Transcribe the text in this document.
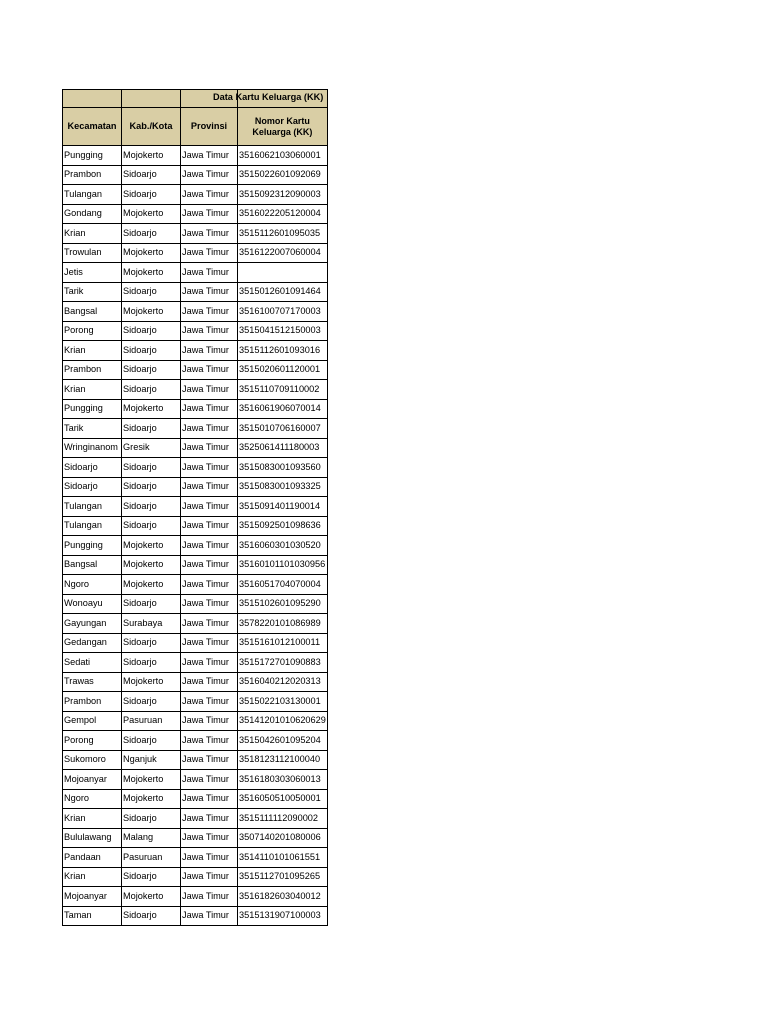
		Data Kartu Keluarga (KK)	

Kecamatan	Kab./Kota	Provinsi	Nomor Kartu Keluarga (KK)
Pungging	Mojokerto	Jawa Timur	3516062103060001
Prambon	Sidoarjo	Jawa Timur	3515022601092069
Tulangan	Sidoarjo	Jawa Timur	3515092312090003
Gondang	Mojokerto	Jawa Timur	3516022205120004
Krian	Sidoarjo	Jawa Timur	3515112601095035
Trowulan	Mojokerto	Jawa Timur	3516122007060004
Jetis	Mojokerto	Jawa Timur	
Tarik	Sidoarjo	Jawa Timur	3515012601091464
Bangsal	Mojokerto	Jawa Timur	3516100707170003
Porong	Sidoarjo	Jawa Timur	3515041512150003
Krian	Sidoarjo	Jawa Timur	3515112601093016
Prambon	Sidoarjo	Jawa Timur	3515020601120001
Krian	Sidoarjo	Jawa Timur	3515110709110002
Pungging	Mojokerto	Jawa Timur	3516061906070014
Tarik	Sidoarjo	Jawa Timur	3515010706160007
Wringinanom	Gresik	Jawa Timur	3525061411180003
Sidoarjo	Sidoarjo	Jawa Timur	3515083001093560
Sidoarjo	Sidoarjo	Jawa Timur	3515083001093325
Tulangan	Sidoarjo	Jawa Timur	3515091401190014
Tulangan	Sidoarjo	Jawa Timur	3515092501098636
Pungging	Mojokerto	Jawa Timur	3516060301030520
Bangsal	Mojokerto	Jawa Timur	35160101101030956
Ngoro	Mojokerto	Jawa Timur	3516051704070004
Wonoayu	Sidoarjo	Jawa Timur	3515102601095290
Gayungan	Surabaya	Jawa Timur	3578220101086989
Gedangan	Sidoarjo	Jawa Timur	3515161012100011
Sedati	Sidoarjo	Jawa Timur	3515172701090883
Trawas	Mojokerto	Jawa Timur	3516040212020313
Prambon	Sidoarjo	Jawa Timur	3515022103130001
Gempol	Pasuruan	Jawa Timur	35141201010620629
Porong	Sidoarjo	Jawa Timur	3515042601095204
Sukomoro	Nganjuk	Jawa Timur	3518123112100040
Mojoanyar	Mojokerto	Jawa Timur	3516180303060013
Ngoro	Mojokerto	Jawa Timur	3516050510050001
Krian	Sidoarjo	Jawa Timur	3515111112090002
Bululawang	Malang	Jawa Timur	3507140201080006
Pandaan	Pasuruan	Jawa Timur	3514110101061551
Krian	Sidoarjo	Jawa Timur	3515112701095265
Mojoanyar	Mojokerto	Jawa Timur	3516182603040012
Taman	Sidoarjo	Jawa Timur	3515131907100003
